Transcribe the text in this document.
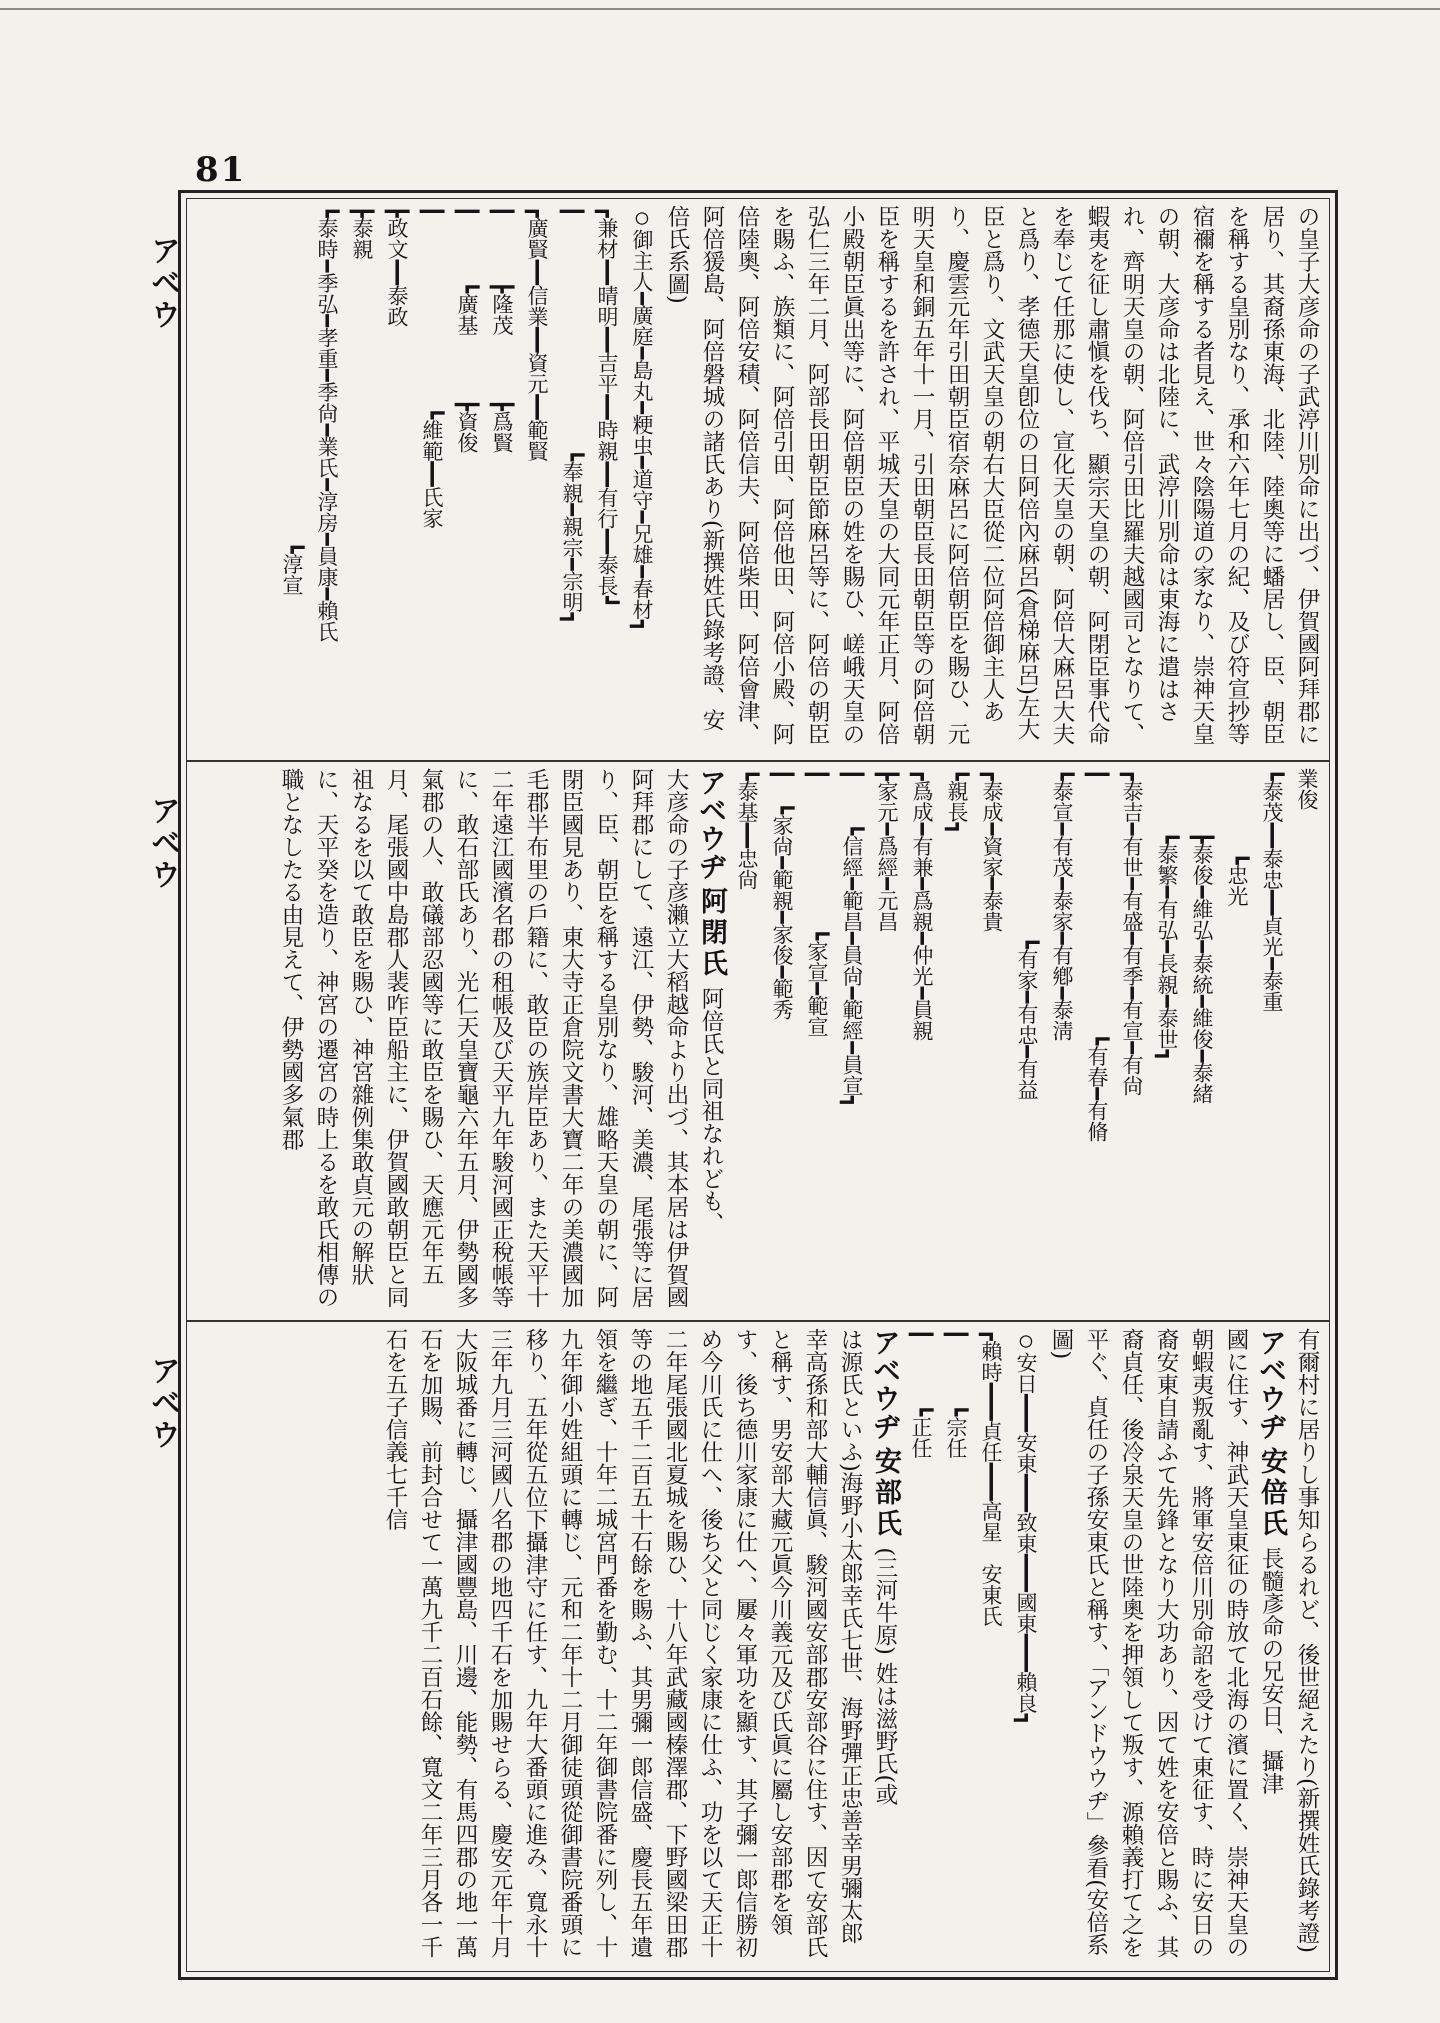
81
アベウ
アベウ
アベウ

の皇子大彦命の子武渟川別命に出づ、伊賀國阿拜郡に居り、其裔孫東海、北陸、陸奧等に蟠居し、臣、朝臣を稱する皇別なり、承和六年七月の紀、及び符宣抄等宿禰を稱する者見え、世々陰陽道の家なり、崇神天皇の朝、大彦命は北陸に、武渟川別命は東海に遣はされ、齊明天皇の朝、阿倍引田比羅夫越國司となりて、蝦夷を征し肅愼を伐ち、顯宗天皇の朝、阿閉臣事代命を奉じて任那に使し、宣化天皇の朝、阿倍大麻呂大夫と爲り、孝德天皇卽位の日阿倍內麻呂(倉梯麻呂)左大臣と爲り、文武天皇の朝右大臣從二位阿倍御主人あり、慶雲元年引田朝臣宿奈麻呂に阿倍朝臣を賜ひ、元明天皇和銅五年十一月、引田朝臣長田朝臣等の阿倍朝臣を稱するを許され、平城天皇の大同元年正月、阿倍小殿朝臣眞出等に、阿倍朝臣の姓を賜ひ、嵯峨天皇の弘仁三年二月、阿部長田朝臣節麻呂等に、阿倍の朝臣を賜ふ、族類に、阿倍引田、阿倍他田、阿倍小殿、阿倍陸奧、阿倍安積、阿倍信夫、阿倍柴田、阿倍會津、阿倍猨島、阿倍磐城の諸氏あり(新撰姓氏錄考證、安倍氏系圖)

○御主人━廣庭━島丸━粳虫━道守━兄雄━春材┓

┏兼材━━晴明━━吉平━━時親━━有行━━泰長┛

┃　　　　　　　　　　　┗奉親━親宗━宗明┓

┏廣賢━━信業━━資元━━範賢

┃　　　┣隆茂　　　┣爲賢

┃　　　┗廣基　　　┣資俊

┃　　　　　　　　　┗維範━━氏家

┣政文━━泰政

┣泰親

┗泰時━季弘━孝重━季尙━業氏━淳房━員康━賴氏

　　　　　　　　　　　　　　　　┗淳宣

業俊

┗泰茂━━泰忠━━貞光━泰重

　　　　┗忠光

　　　┣泰俊━維弘━泰統━維俊━泰緒

　　　┗泰繁━有弘━長親━泰世┓

┏泰吉━有世━有盛━有季━有宣━有尙

┃　　　　　　　　　　　　┗有春━有脩

┗泰宣━有茂━泰家━有鄕━泰淸

　　　　　　　　┗有家━有忠━有益

┏泰成━資家━泰貴

┗親長┓

┏爲成━有兼━爲親━仲光━員親

┣家元━爲經━元昌

┃　　┗信經━範昌━員尙━範經━員宣┓

┃　　　　　　　┗家宣━範宣

┃　┗家尙━範親━家俊━範秀

┗泰基━━忠尙

アベウヂ 阿閉氏 阿倍氏と同祖なれども、

大彦命の子彦瀨立大稻越命より出づ、其本居は伊賀國阿拜郡にして、遠江、伊勢、駿河、美濃、尾張等に居り、臣、朝臣を稱する皇別なり、雄略天皇の朝に、阿閉臣國見あり、東大寺正倉院文書大寶二年の美濃國加毛郡半布里の戶籍に、敢臣の族岸臣あり、また天平十二年遠江國濱名郡の租帳及び天平九年駿河國正稅帳等に、敢石部氏あり、光仁天皇寶龜六年五月、伊勢國多氣郡の人、敢礒部忍國等に敢臣を賜ひ、天應元年五月、尾張國中島郡人裴咋臣船主に、伊賀國敢朝臣と同祖なるを以て敢臣を賜ひ、神宮雜例集敢貞元の解狀に、天平癸を造り、神宮の遷宮の時上るを敢氏相傳の職となしたる由見えて、伊勢國多氣郡

有爾村に居りし事知らるれど、後世絕えたり(新撰姓氏錄考證)

アベウヂ 安倍氏 長髓彥命の兄安日、攝津

國に住す、神武天皇東征の時放て北海の濱に置く、崇神天皇の朝蝦夷叛亂す、將軍安倍川別命詔を受けて東征す、時に安日の裔安東自請ふて先鋒となり大功あり、因て姓を安倍と賜ふ、其裔貞任、後冷泉天皇の世陸奧を押領して叛す、源賴義打て之を平ぐ、貞任の子孫安東氏と稱す、「アンドウウヂ」參看(安倍系圖)

○安日━━━安東━━━致東━━━國東━━━賴良┓

┏賴時━━━貞任━━━高星　安東氏

┃　　　┗宗任

┃　　　┗正任

アベウヂ 安部氏 (三河牛原) 姓は滋野氏(或

は源氏といふ)海野小太郎幸氏七世、海野彈正忠善幸男彌太郎幸高孫和部大輔信眞、駿河國安部郡安部谷に住す、因て安部氏と稱す、男安部大藏元眞今川義元及び氏眞に屬し安部郡を領す、後ち德川家康に仕へ、屢々軍功を顯す、其子彌一郞信勝初め今川氏に仕へ、後ち父と同じく家康に仕ふ、功を以て天正十二年尾張國北夏城を賜ひ、十八年武藏國榛澤郡、下野國梁田郡等の地五千二百五十石餘を賜ふ、其男彌一郞信盛、慶長五年遺領を繼ぎ、十年二城宮門番を勤む、十二年御書院番に列し、十九年御小姓組頭に轉じ、元和二年十二月御徒頭從御書院番頭に移り、五年從五位下攝津守に任す、九年大番頭に進み、寬永十三年九月三河國八名郡の地四千石を加賜せらる、慶安元年十月大阪城番に轉じ、攝津國豐島、川邊、能勢、有馬四郡の地一萬石を加賜、前封合せて一萬九千二百石餘、寬文二年三月各一千石を五子信義七千信
